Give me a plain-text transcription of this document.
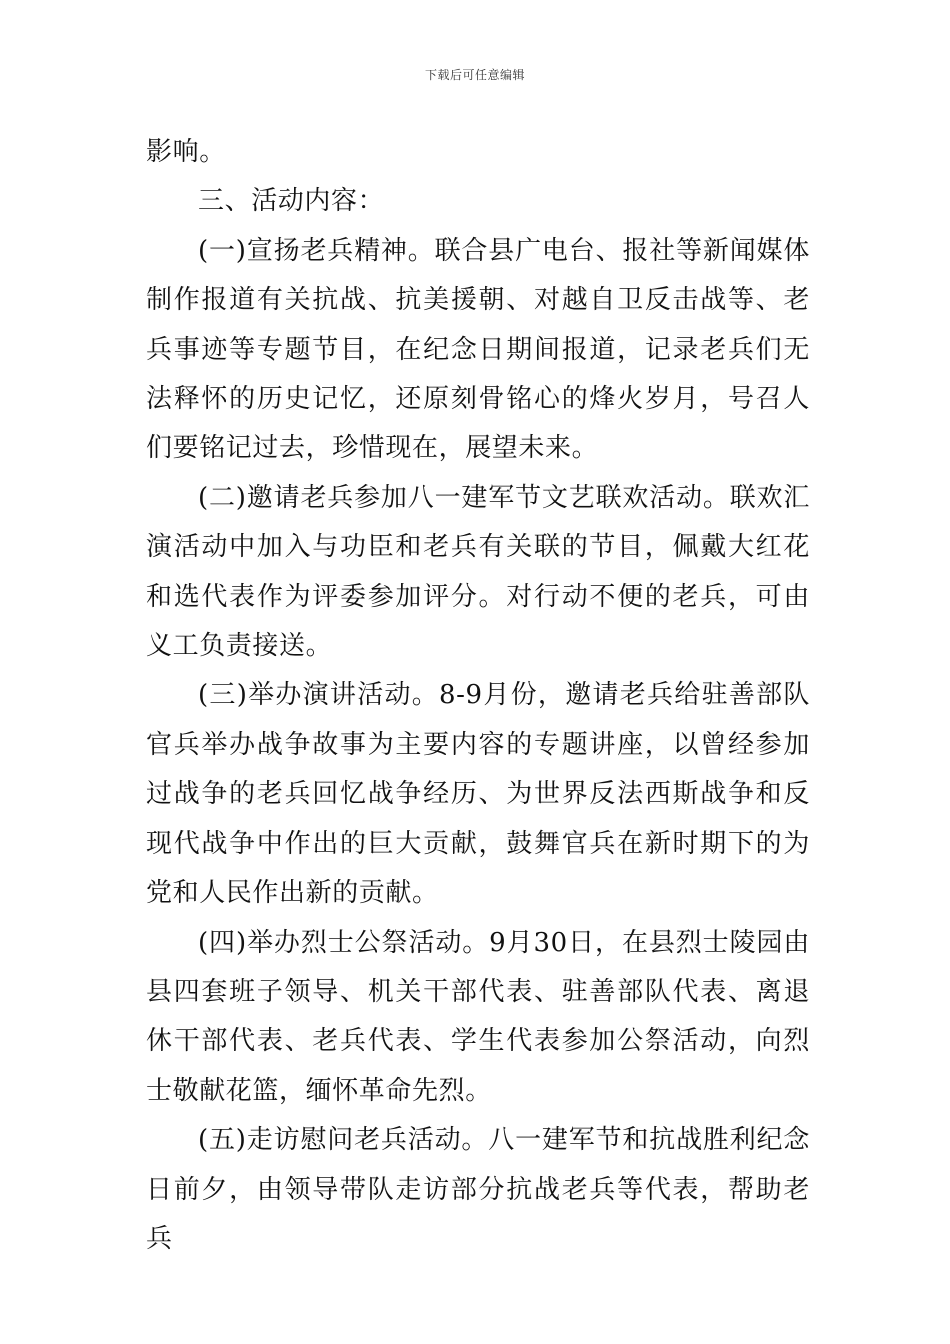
下载后可任意编辑

影响。

三、活动内容：

(一)宣扬老兵精神。联合县广电台、报社等新闻媒体制作报道有关抗战、抗美援朝、对越自卫反击战等、老兵事迹等专题节目，在纪念日期间报道，记录老兵们无法释怀的历史记忆，还原刻骨铭心的烽火岁月，号召人们要铭记过去，珍惜现在，展望未来。

(二)邀请老兵参加八一建军节文艺联欢活动。联欢汇演活动中加入与功臣和老兵有关联的节目，佩戴大红花和选代表作为评委参加评分。对行动不便的老兵，可由义工负责接送。

(三)举办演讲活动。8-9月份，邀请老兵给驻善部队官兵举办战争故事为主要内容的专题讲座，以曾经参加过战争的老兵回忆战争经历、为世界反法西斯战争和反现代战争中作出的巨大贡献，鼓舞官兵在新时期下的为党和人民作出新的贡献。

(四)举办烈士公祭活动。9月30日，在县烈士陵园由县四套班子领导、机关干部代表、驻善部队代表、离退休干部代表、老兵代表、学生代表参加公祭活动，向烈士敬献花篮，缅怀革命先烈。

(五)走访慰问老兵活动。八一建军节和抗战胜利纪念日前夕，由领导带队走访部分抗战老兵等代表，帮助老兵
